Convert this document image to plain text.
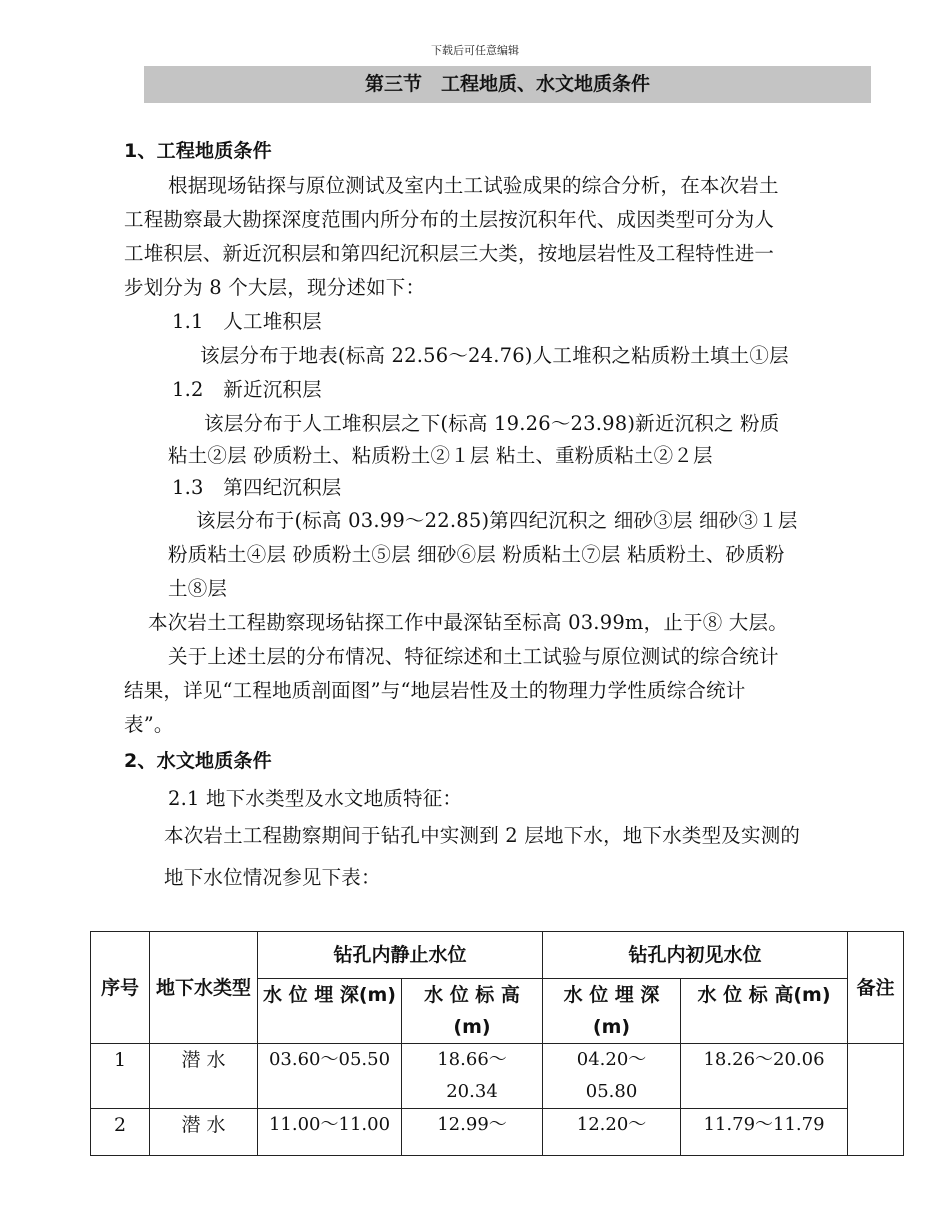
下载后可任意编辑
第三节　工程地质、水文地质条件
1、工程地质条件
根据现场钻探与原位测试及室内土工试验成果的综合分析，在本次岩土
工程勘察最大勘探深度范围内所分布的土层按沉积年代、成因类型可分为人
工堆积层、新近沉积层和第四纪沉积层三大类，按地层岩性及工程特性进一
步划分为 8 个大层，现分述如下：
1.1　人工堆积层
该层分布于地表(标高 22.56～24.76)人工堆积之粘质粉土填土①层
1.2　新近沉积层
该层分布于人工堆积层之下(标高 19.26～23.98)新近沉积之 粉质
粘土②层 砂质粉土、粘质粉土②１层 粘土、重粉质粘土②２层
1.3　第四纪沉积层
该层分布于(标高 03.99～22.85)第四纪沉积之 细砂③层 细砂③１层
粉质粘土④层 砂质粉土⑤层 细砂⑥层 粉质粘土⑦层 粘质粉土、砂质粉
土⑧层
本次岩土工程勘察现场钻探工作中最深钻至标高 03.99m，止于⑧ 大层。
关于上述土层的分布情况、特征综述和土工试验与原位测试的综合统计
结果，详见“工程地质剖面图”与“地层岩性及土的物理力学性质综合统计
表”。
2、水文地质条件
2.1 地下水类型及水文地质特征：
本次岩土工程勘察期间于钻孔中实测到 2 层地下水，地下水类型及实测的
地下水位情况参见下表：
序号	地下水类型	钻孔内静止水位		钻孔内初见水位		备注
		水 位 埋 深(m)	水 位 标 高(m)	水 位 埋 深(m)	水 位 标 高(m)	
1	潜 水	03.60～05.50	18.66～20.34	04.20～05.80	18.26～20.06	
2	潜 水	11.00～11.00	12.99～	12.20～	11.79～11.79	
